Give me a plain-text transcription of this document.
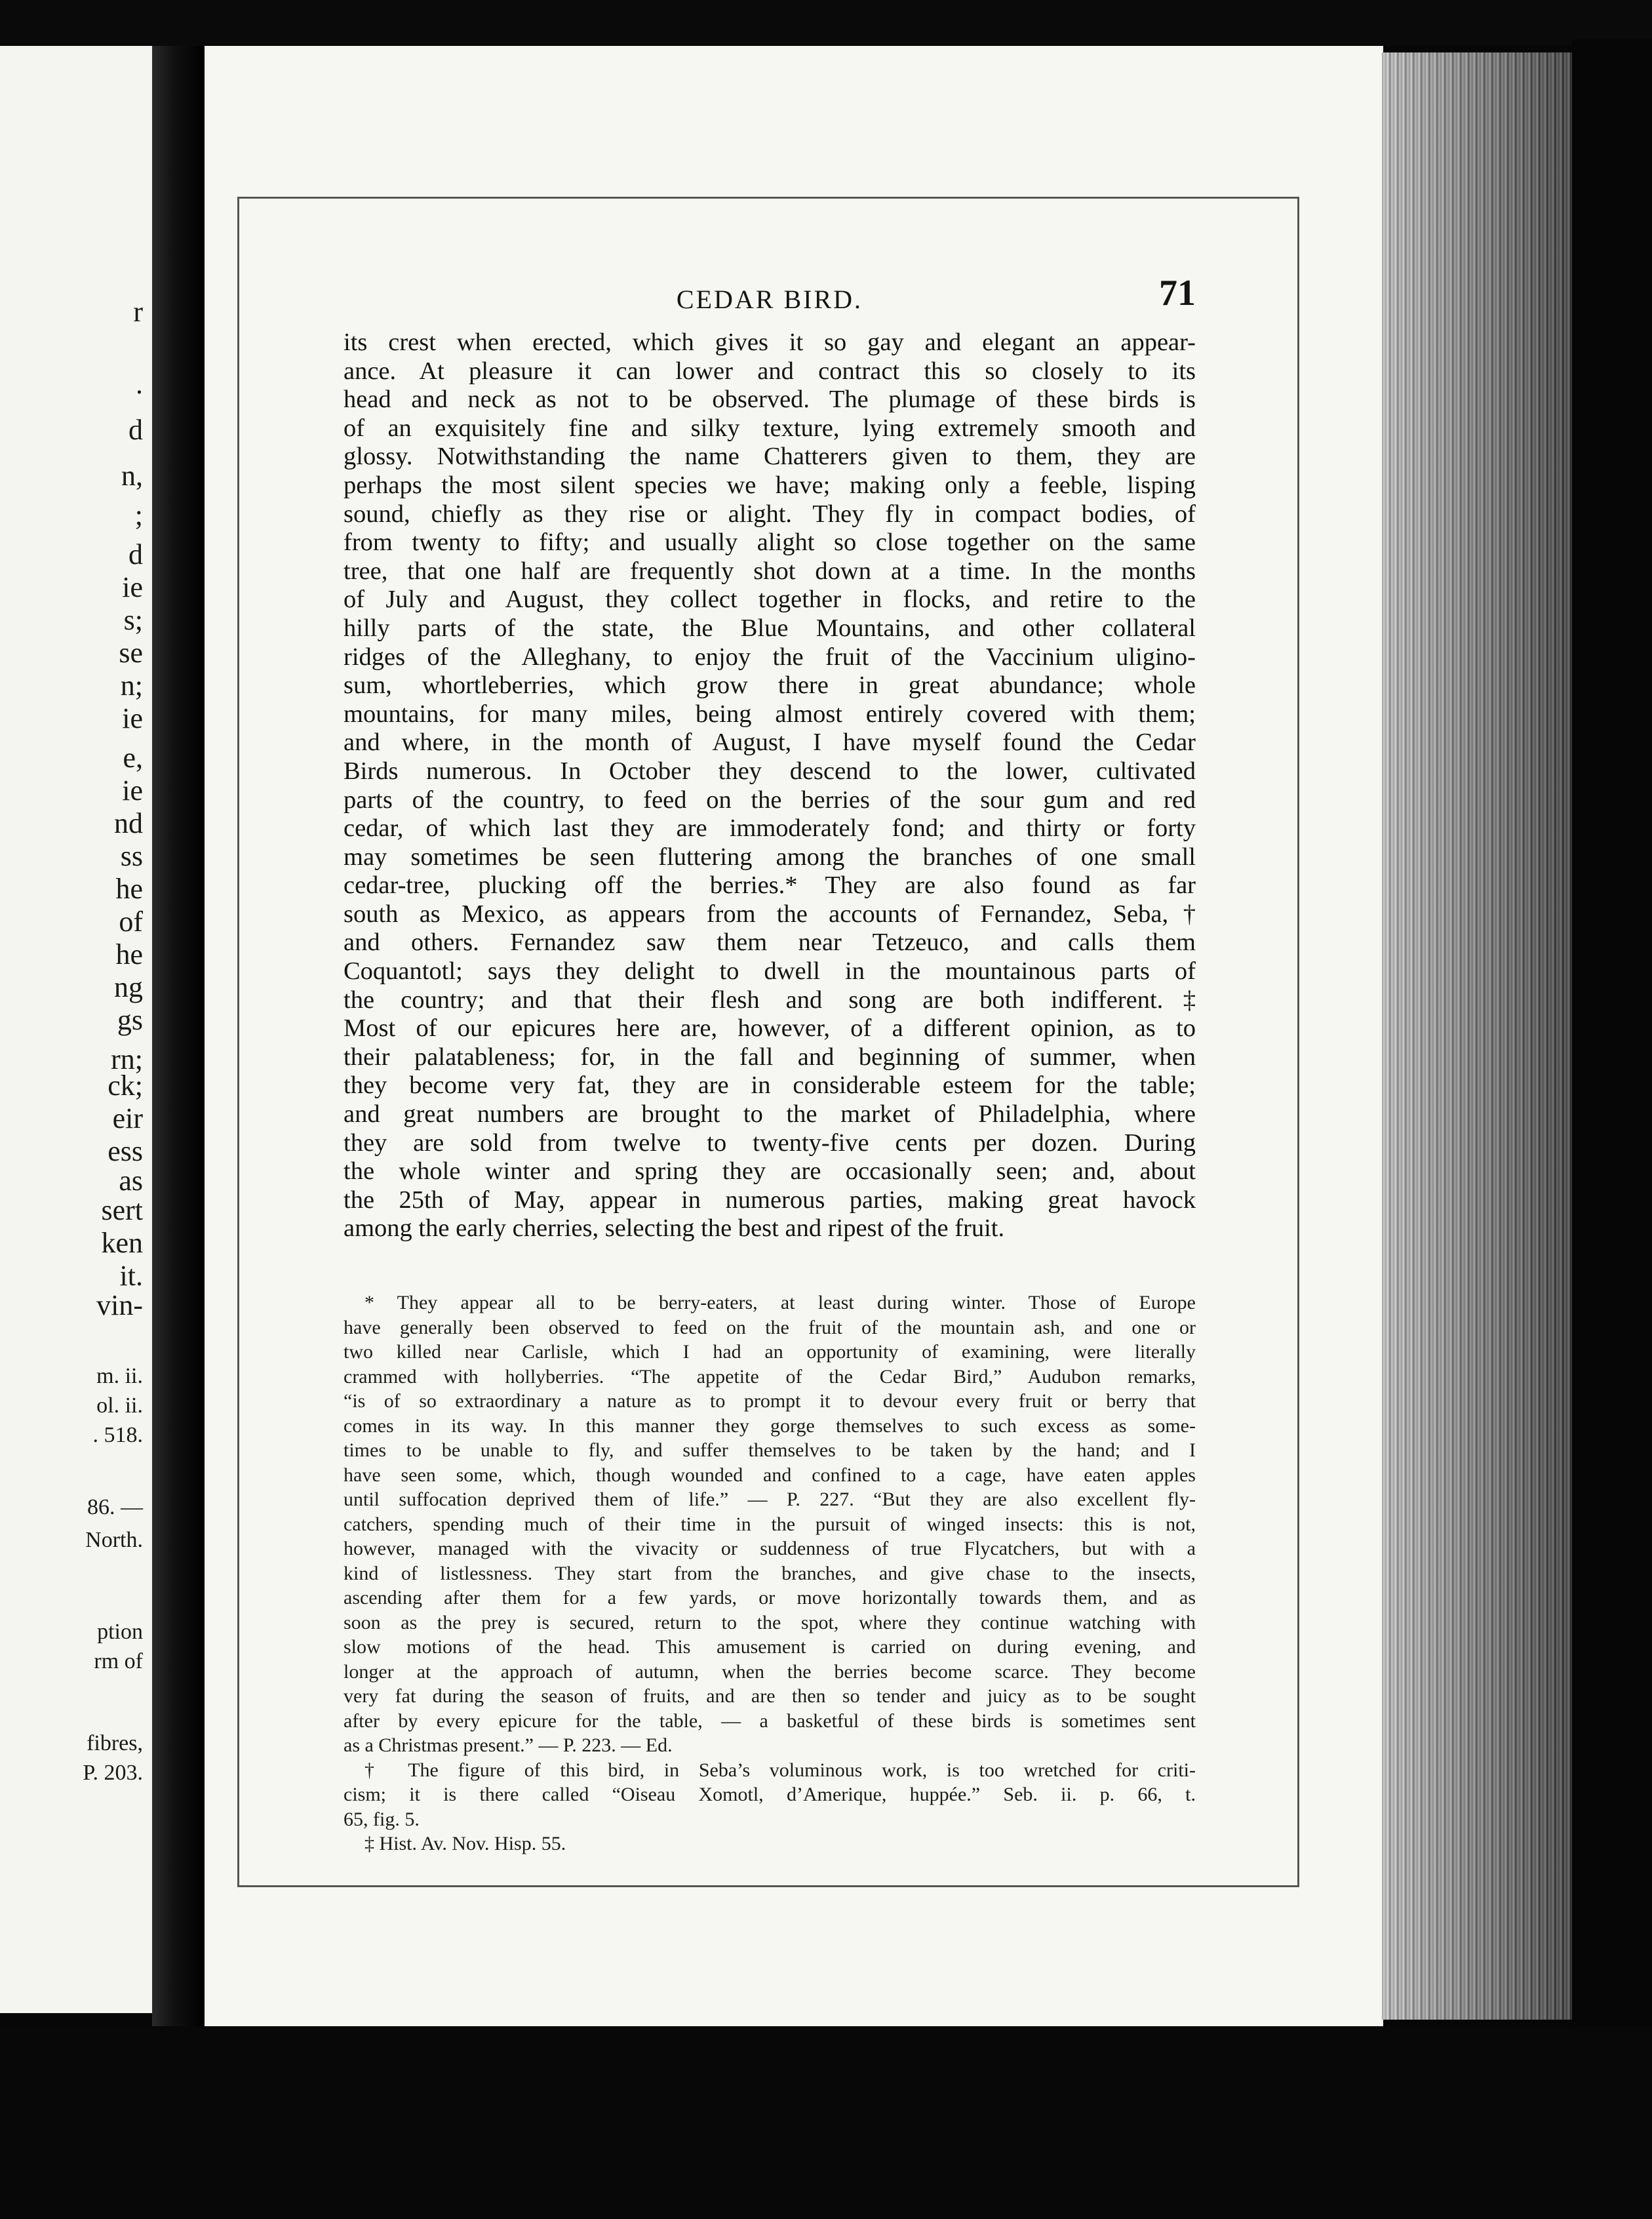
r
.
d
n,
;
d
ie
s;
se
n;
ie
e,
ie
nd
ss
he
of
he
ng
gs
rn;
ck;
eir
ess
as
sert
ken
it.
vin-
m. ii.
ol. ii.
. 518.
86. —
North.
ption
rm of
fibres,
P. 203.
CEDAR BIRD.	71
its crest when erected, which gives it so gay and elegant an appear-
ance. At pleasure it can lower and contract this so closely to its
head and neck as not to be observed. The plumage of these birds is
of an exquisitely fine and silky texture, lying extremely smooth and
glossy. Notwithstanding the name Chatterers given to them, they are
perhaps the most silent species we have; making only a feeble, lisping
sound, chiefly as they rise or alight. They fly in compact bodies, of
from twenty to fifty; and usually alight so close together on the same
tree, that one half are frequently shot down at a time. In the months
of July and August, they collect together in flocks, and retire to the
hilly parts of the state, the Blue Mountains, and other collateral
ridges of the Alleghany, to enjoy the fruit of the Vaccinium uligino-
sum, whortleberries, which grow there in great abundance; whole
mountains, for many miles, being almost entirely covered with them;
and where, in the month of August, I have myself found the Cedar
Birds numerous. In October they descend to the lower, cultivated
parts of the country, to feed on the berries of the sour gum and red
cedar, of which last they are immoderately fond; and thirty or forty
may sometimes be seen fluttering among the branches of one small
cedar-tree, plucking off the berries.* They are also found as far
south as Mexico, as appears from the accounts of Fernandez, Seba,†
and others. Fernandez saw them near Tetzeuco, and calls them
Coquantotl; says they delight to dwell in the mountainous parts of
the country; and that their flesh and song are both indifferent.‡
Most of our epicures here are, however, of a different opinion, as to
their palatableness; for, in the fall and beginning of summer, when
they become very fat, they are in considerable esteem for the table;
and great numbers are brought to the market of Philadelphia, where
they are sold from twelve to twenty-five cents per dozen. During
the whole winter and spring they are occasionally seen; and, about
the 25th of May, appear in numerous parties, making great havock
among the early cherries, selecting the best and ripest of the fruit.
* They appear all to be berry-eaters, at least during winter. Those of Europe
have generally been observed to feed on the fruit of the mountain ash, and one or
two killed near Carlisle, which I had an opportunity of examining, were literally
crammed with hollyberries. “The appetite of the Cedar Bird,” Audubon remarks,
“is of so extraordinary a nature as to prompt it to devour every fruit or berry that
comes in its way. In this manner they gorge themselves to such excess as some-
times to be unable to fly, and suffer themselves to be taken by the hand; and I
have seen some, which, though wounded and confined to a cage, have eaten apples
until suffocation deprived them of life.” — P. 227. “But they are also excellent fly-
catchers, spending much of their time in the pursuit of winged insects: this is not,
however, managed with the vivacity or suddenness of true Flycatchers, but with a
kind of listlessness. They start from the branches, and give chase to the insects,
ascending after them for a few yards, or move horizontally towards them, and as
soon as the prey is secured, return to the spot, where they continue watching with
slow motions of the head. This amusement is carried on during evening, and
longer at the approach of autumn, when the berries become scarce. They become
very fat during the season of fruits, and are then so tender and juicy as to be sought
after by every epicure for the table, — a basketful of these birds is sometimes sent
as a Christmas present.” — P. 223. — Ed.
† The figure of this bird, in Seba’s voluminous work, is too wretched for criti-
cism; it is there called “Oiseau Xomotl, d’Amerique, huppée.” Seb. ii. p. 66, t.
65, fig. 5.
‡ Hist. Av. Nov. Hisp. 55.
